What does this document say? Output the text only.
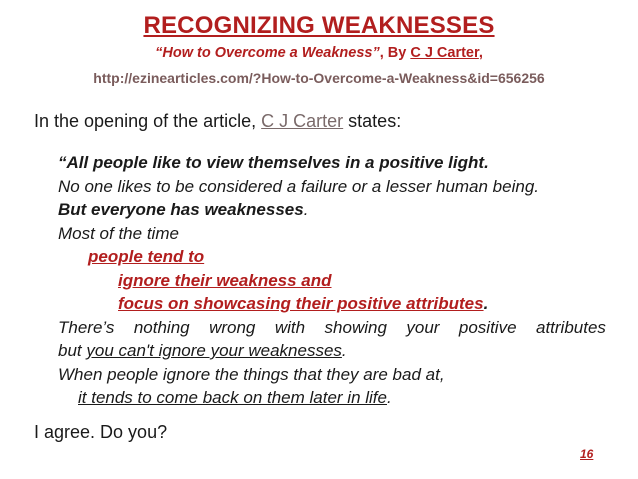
RECOGNIZING WEAKNESSES
“How to Overcome a Weakness”, By C J Carter,
http://ezinearticles.com/?How-to-Overcome-a-Weakness&id=656256
In the opening of the article, C J Carter states:
“All people like to view themselves in a positive light.
No one likes to be considered a failure or a lesser human being.
But everyone has weaknesses.
Most of the time
people tend to
ignore their weakness and
focus on showcasing their positive attributes.
There’s nothing wrong with showing your positive attributes
but you can't ignore your weaknesses.
When people ignore the things that they are bad at,
it tends to come back on them later in life.
I agree. Do you?
16
